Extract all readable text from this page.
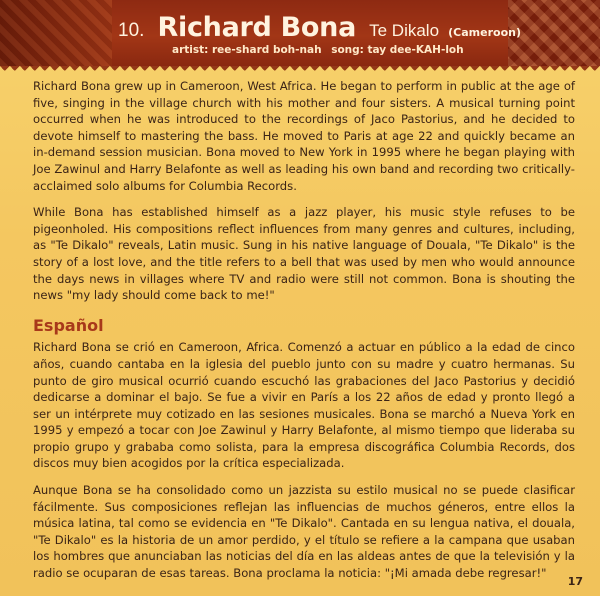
10. Richard Bona Te Dikalo (Cameroon)
artist: ree-shard boh-nah song: tay dee-KAH-loh

Richard Bona grew up in Cameroon, West Africa. He began to perform in public at the age of five, singing in the village church with his mother and four sisters. A musical turning point occurred when he was introduced to the recordings of Jaco Pastorius, and he decided to devote himself to mastering the bass. He moved to Paris at age 22 and quickly became an in-demand session musician. Bona moved to New York in 1995 where he began playing with Joe Zawinul and Harry Belafonte as well as leading his own band and recording two critically-acclaimed solo albums for Columbia Records.

While Bona has established himself as a jazz player, his music style refuses to be pigeonholed. His compositions reflect influences from many genres and cultures, including, as "Te Dikalo" reveals, Latin music. Sung in his native language of Douala, "Te Dikalo" is the story of a lost love, and the title refers to a bell that was used by men who would announce the days news in villages where TV and radio were still not common. Bona is shouting the news "my lady should come back to me!"

Español

Richard Bona se crió en Cameroon, Africa. Comenzó a actuar en público a la edad de cinco años, cuando cantaba en la iglesia del pueblo junto con su madre y cuatro hermanas. Su punto de giro musical ocurrió cuando escuchó las grabaciones del Jaco Pastorius y decidió dedicarse a dominar el bajo. Se fue a vivir en París a los 22 años de edad y pronto llegó a ser un intérprete muy cotizado en las sesiones musicales. Bona se marchó a Nueva York en 1995 y empezó a tocar con Joe Zawinul y Harry Belafonte, al mismo tiempo que lideraba su propio grupo y grababa como solista, para la empresa discográfica Columbia Records, dos discos muy bien acogidos por la crítica especializada.

Aunque Bona se ha consolidado como un jazzista su estilo musical no se puede clasificar fácilmente. Sus composiciones reflejan las influencias de muchos géneros, entre ellos la música latina, tal como se evidencia en "Te Dikalo". Cantada en su lengua nativa, el douala, "Te Dikalo" es la historia de un amor perdido, y el título se refiere a la campana que usaban los hombres que anunciaban las noticias del día en las aldeas antes de que la televisión y la radio se ocuparan de esas tareas. Bona proclama la noticia: "¡Mi amada debe regresar!"

17
